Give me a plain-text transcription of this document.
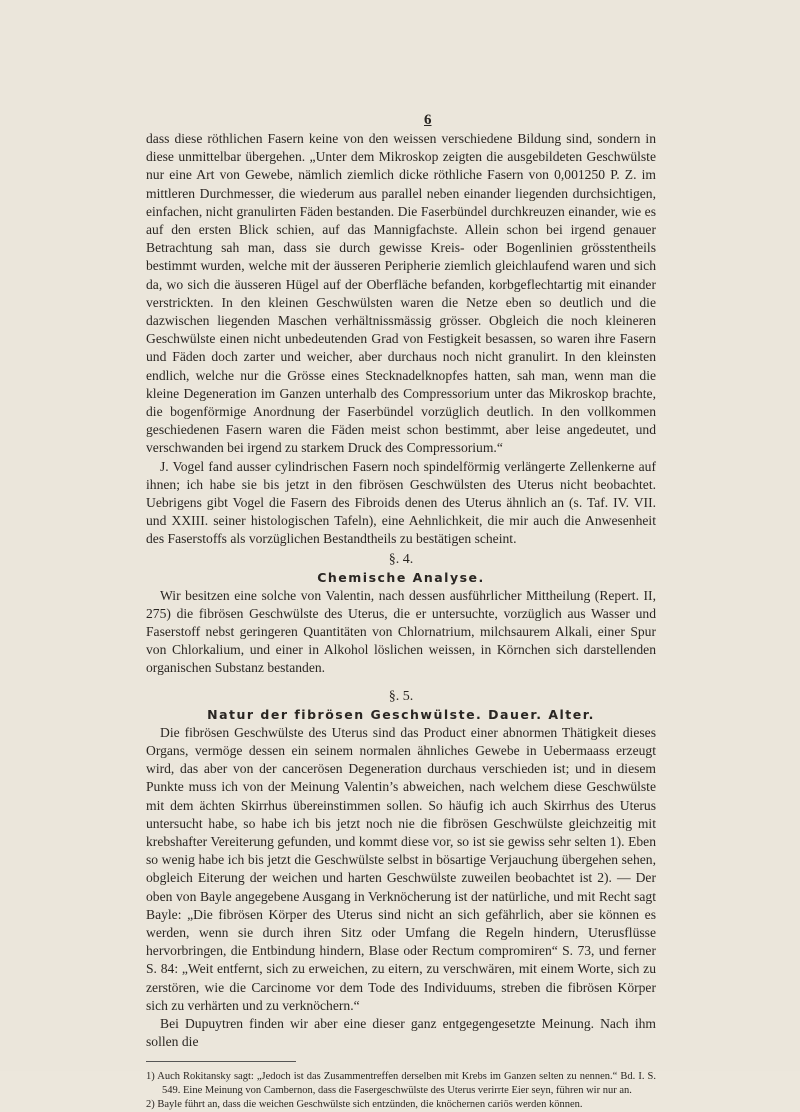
6

dass diese röthlichen Fasern keine von den weissen verschiedene Bildung sind, sondern in diese unmittelbar übergehen. „Unter dem Mikroskop zeigten die ausgebildeten Geschwülste nur eine Art von Gewebe, nämlich ziemlich dicke röthliche Fasern von 0,001250 P. Z. im mittleren Durchmesser, die wiederum aus parallel neben einander liegenden durchsichtigen, einfachen, nicht granulirten Fäden bestanden. Die Faserbündel durchkreuzen einander, wie es auf den ersten Blick schien, auf das Mannigfachste. Allein schon bei irgend genauer Betrachtung sah man, dass sie durch gewisse Kreis- oder Bogenlinien grösstentheils bestimmt wurden, welche mit der äusseren Peripherie ziemlich gleichlaufend waren und sich da, wo sich die äusseren Hügel auf der Oberfläche befanden, korbgeflechtartig mit einander verstrickten. In den kleinen Geschwülsten waren die Netze eben so deutlich und die dazwischen liegenden Maschen verhältnissmässig grösser. Obgleich die noch kleineren Geschwülste einen nicht unbedeutenden Grad von Festigkeit besassen, so waren ihre Fasern und Fäden doch zarter und weicher, aber durchaus noch nicht granulirt. In den kleinsten endlich, welche nur die Grösse eines Stecknadelknopfes hatten, sah man, wenn man die kleine Degeneration im Ganzen unterhalb des Compressorium unter das Mikroskop brachte, die bogenförmige Anordnung der Faserbündel vorzüglich deutlich. In den vollkommen geschiedenen Fasern waren die Fäden meist schon bestimmt, aber leise angedeutet, und verschwanden bei irgend zu starkem Druck des Compressorium.“

J. Vogel fand ausser cylindrischen Fasern noch spindelförmig verlängerte Zellenkerne auf ihnen; ich habe sie bis jetzt in den fibrösen Geschwülsten des Uterus nicht beobachtet. Uebrigens gibt Vogel die Fasern des Fibroids denen des Uterus ähnlich an (s. Taf. IV. VII. und XXIII. seiner histologischen Tafeln), eine Aehnlichkeit, die mir auch die Anwesenheit des Faserstoffs als vorzüglichen Bestandtheils zu bestätigen scheint.

§. 4.
Chemische Analyse.

Wir besitzen eine solche von Valentin, nach dessen ausführlicher Mittheilung (Repert. II, 275) die fibrösen Geschwülste des Uterus, die er untersuchte, vorzüglich aus Wasser und Faserstoff nebst geringeren Quantitäten von Chlornatrium, milchsaurem Alkali, einer Spur von Chlorkalium, und einer in Alkohol löslichen weissen, in Körnchen sich darstellenden organischen Substanz bestanden.

§. 5.
Natur der fibrösen Geschwülste. Dauer. Alter.

Die fibrösen Geschwülste des Uterus sind das Product einer abnormen Thätigkeit dieses Organs, vermöge dessen ein seinem normalen ähnliches Gewebe in Uebermaass erzeugt wird, das aber von der cancerösen Degeneration durchaus verschieden ist; und in diesem Punkte muss ich von der Meinung Valentin’s abweichen, nach welchem diese Geschwülste mit dem ächten Skirrhus übereinstimmen sollen. So häufig ich auch Skirrhus des Uterus untersucht habe, so habe ich bis jetzt noch nie die fibrösen Geschwülste gleichzeitig mit krebshafter Vereiterung gefunden, und kommt diese vor, so ist sie gewiss sehr selten 1). Eben so wenig habe ich bis jetzt die Geschwülste selbst in bösartige Verjauchung übergehen sehen, obgleich Eiterung der weichen und harten Geschwülste zuweilen beobachtet ist 2). — Der oben von Bayle angegebene Ausgang in Verknöcherung ist der natürliche, und mit Recht sagt Bayle: „Die fibrösen Körper des Uterus sind nicht an sich gefährlich, aber sie können es werden, wenn sie durch ihren Sitz oder Umfang die Regeln hindern, Uterusflüsse hervorbringen, die Entbindung hindern, Blase oder Rectum compromiren“ S. 73, und ferner S. 84: „Weit entfernt, sich zu erweichen, zu eitern, zu verschwären, mit einem Worte, sich zu zerstören, wie die Carcinome vor dem Tode des Individuums, streben die fibrösen Körper sich zu verhärten und zu verknöchern.“

Bei Dupuytren finden wir aber eine dieser ganz entgegengesetzte Meinung. Nach ihm sollen die

1) Auch Rokitansky sagt: „Jedoch ist das Zusammentreffen derselben mit Krebs im Ganzen selten zu nennen.“ Bd. I. S. 549. Eine Meinung von Cambernon, dass die Fasergeschwülste des Uterus verirrte Eier seyn, führen wir nur an.

2) Bayle führt an, dass die weichen Geschwülste sich entzünden, die knöchernen cariös werden können.
